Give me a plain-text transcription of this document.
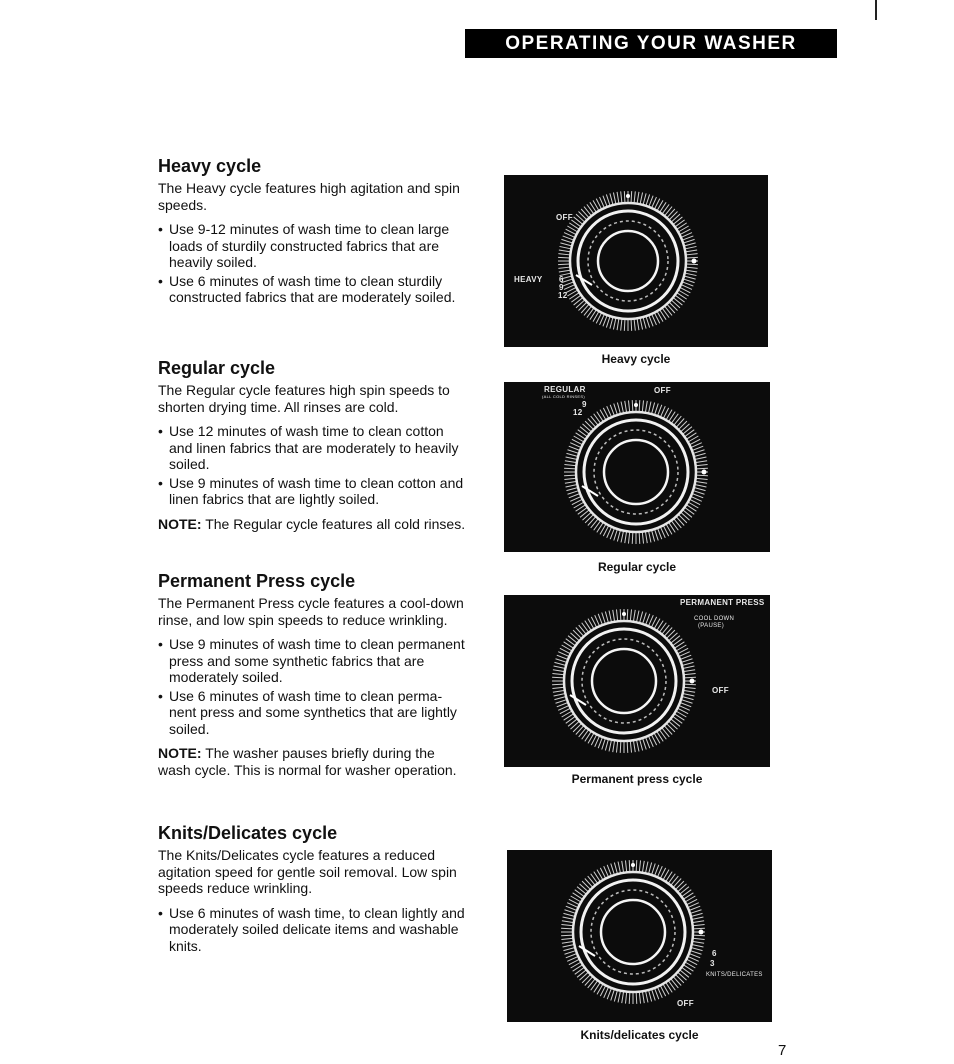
OPERATING YOUR WASHER
Heavy cycle

The Heavy cycle features high agitation and spin speeds.

• Use 9-12 minutes of wash time to clean large loads of sturdily constructed fabrics that are heavily soiled.
• Use 6 minutes of wash time to clean sturdily constructed fabrics that are moderately soiled.
Regular cycle

The Regular cycle features high spin speeds to shorten drying time. All rinses are cold.

• Use 12 minutes of wash time to clean cotton and linen fabrics that are moderately to heavily soiled.
• Use 9 minutes of wash time to clean cotton and linen fabrics that are lightly soiled.

NOTE: The Regular cycle features all cold rinses.

Permanent Press cycle

The Permanent Press cycle features a cool-down rinse, and low spin speeds to reduce wrinkling.

• Use 9 minutes of wash time to clean permanent press and some synthetic fabrics that are moderately soiled.
• Use 6 minutes of wash time to clean perma-nent press and some synthetics that are lightly soiled.

NOTE: The washer pauses briefly during the wash cycle. This is normal for washer operation.

Knits/Delicates cycle

The Knits/Delicates cycle features a reduced agitation speed for gentle soil removal. Low spin speeds reduce wrinkling.

• Use 6 minutes of wash time, to clean lightly and moderately soiled delicate items and washable knits.
OFF
HEAVY 6
9
12
Heavy cycle
REGULAR
(ALL COLD RINSES)
OFF
9
12
Regular cycle
PERMANENT PRESS
COOL DOWN
(PAUSE)
OFF
Permanent press cycle
6
3
KNITS/DELICATES
OFF
Knits/delicates cycle
7
